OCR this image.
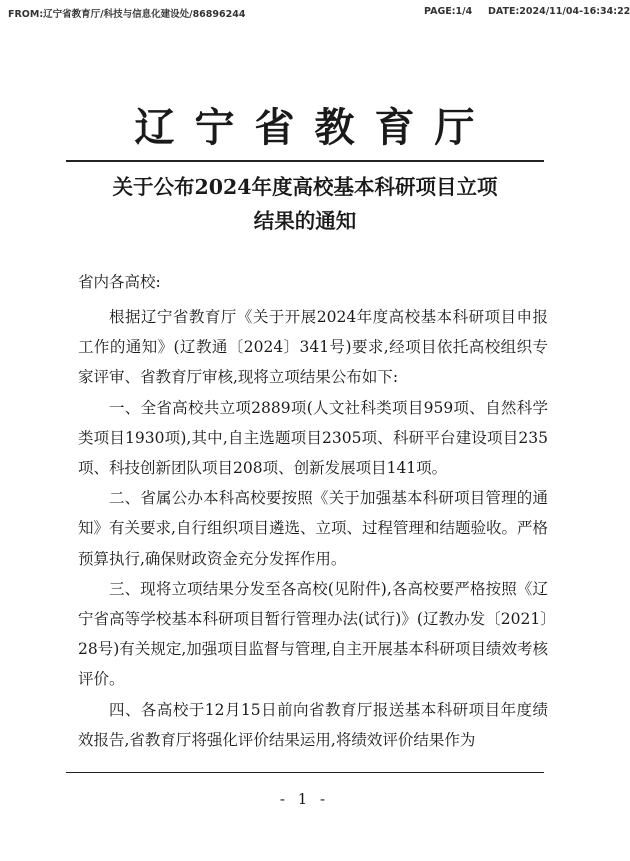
FROM:辽宁省教育厅/科技与信息化建设处/86896244	PAGE:1/4 DATE:2024/11/04-16:34:22
辽宁省教育厅
关于公布2024年度高校基本科研项目立项
结果的通知
省内各高校:

根据辽宁省教育厅《关于开展2024年度高校基本科研项目申报工作的通知》(辽教通〔2024〕341号)要求,经项目依托高校组织专家评审、省教育厅审核,现将立项结果公布如下:

一、全省高校共立项2889项(人文社科类项目959项、自然科学类项目1930项),其中,自主选题项目2305项、科研平台建设项目235项、科技创新团队项目208项、创新发展项目141项。

二、省属公办本科高校要按照《关于加强基本科研项目管理的通知》有关要求,自行组织项目遴选、立项、过程管理和结题验收。严格预算执行,确保财政资金充分发挥作用。

三、现将立项结果分发至各高校(见附件),各高校要严格按照《辽宁省高等学校基本科研项目暂行管理办法(试行)》(辽教办发〔2021〕28号)有关规定,加强项目监督与管理,自主开展基本科研项目绩效考核评价。

四、各高校于12月15日前向省教育厅报送基本科研项目年度绩效报告,省教育厅将强化评价结果运用,将绩效评价结果作为

- 1 -
